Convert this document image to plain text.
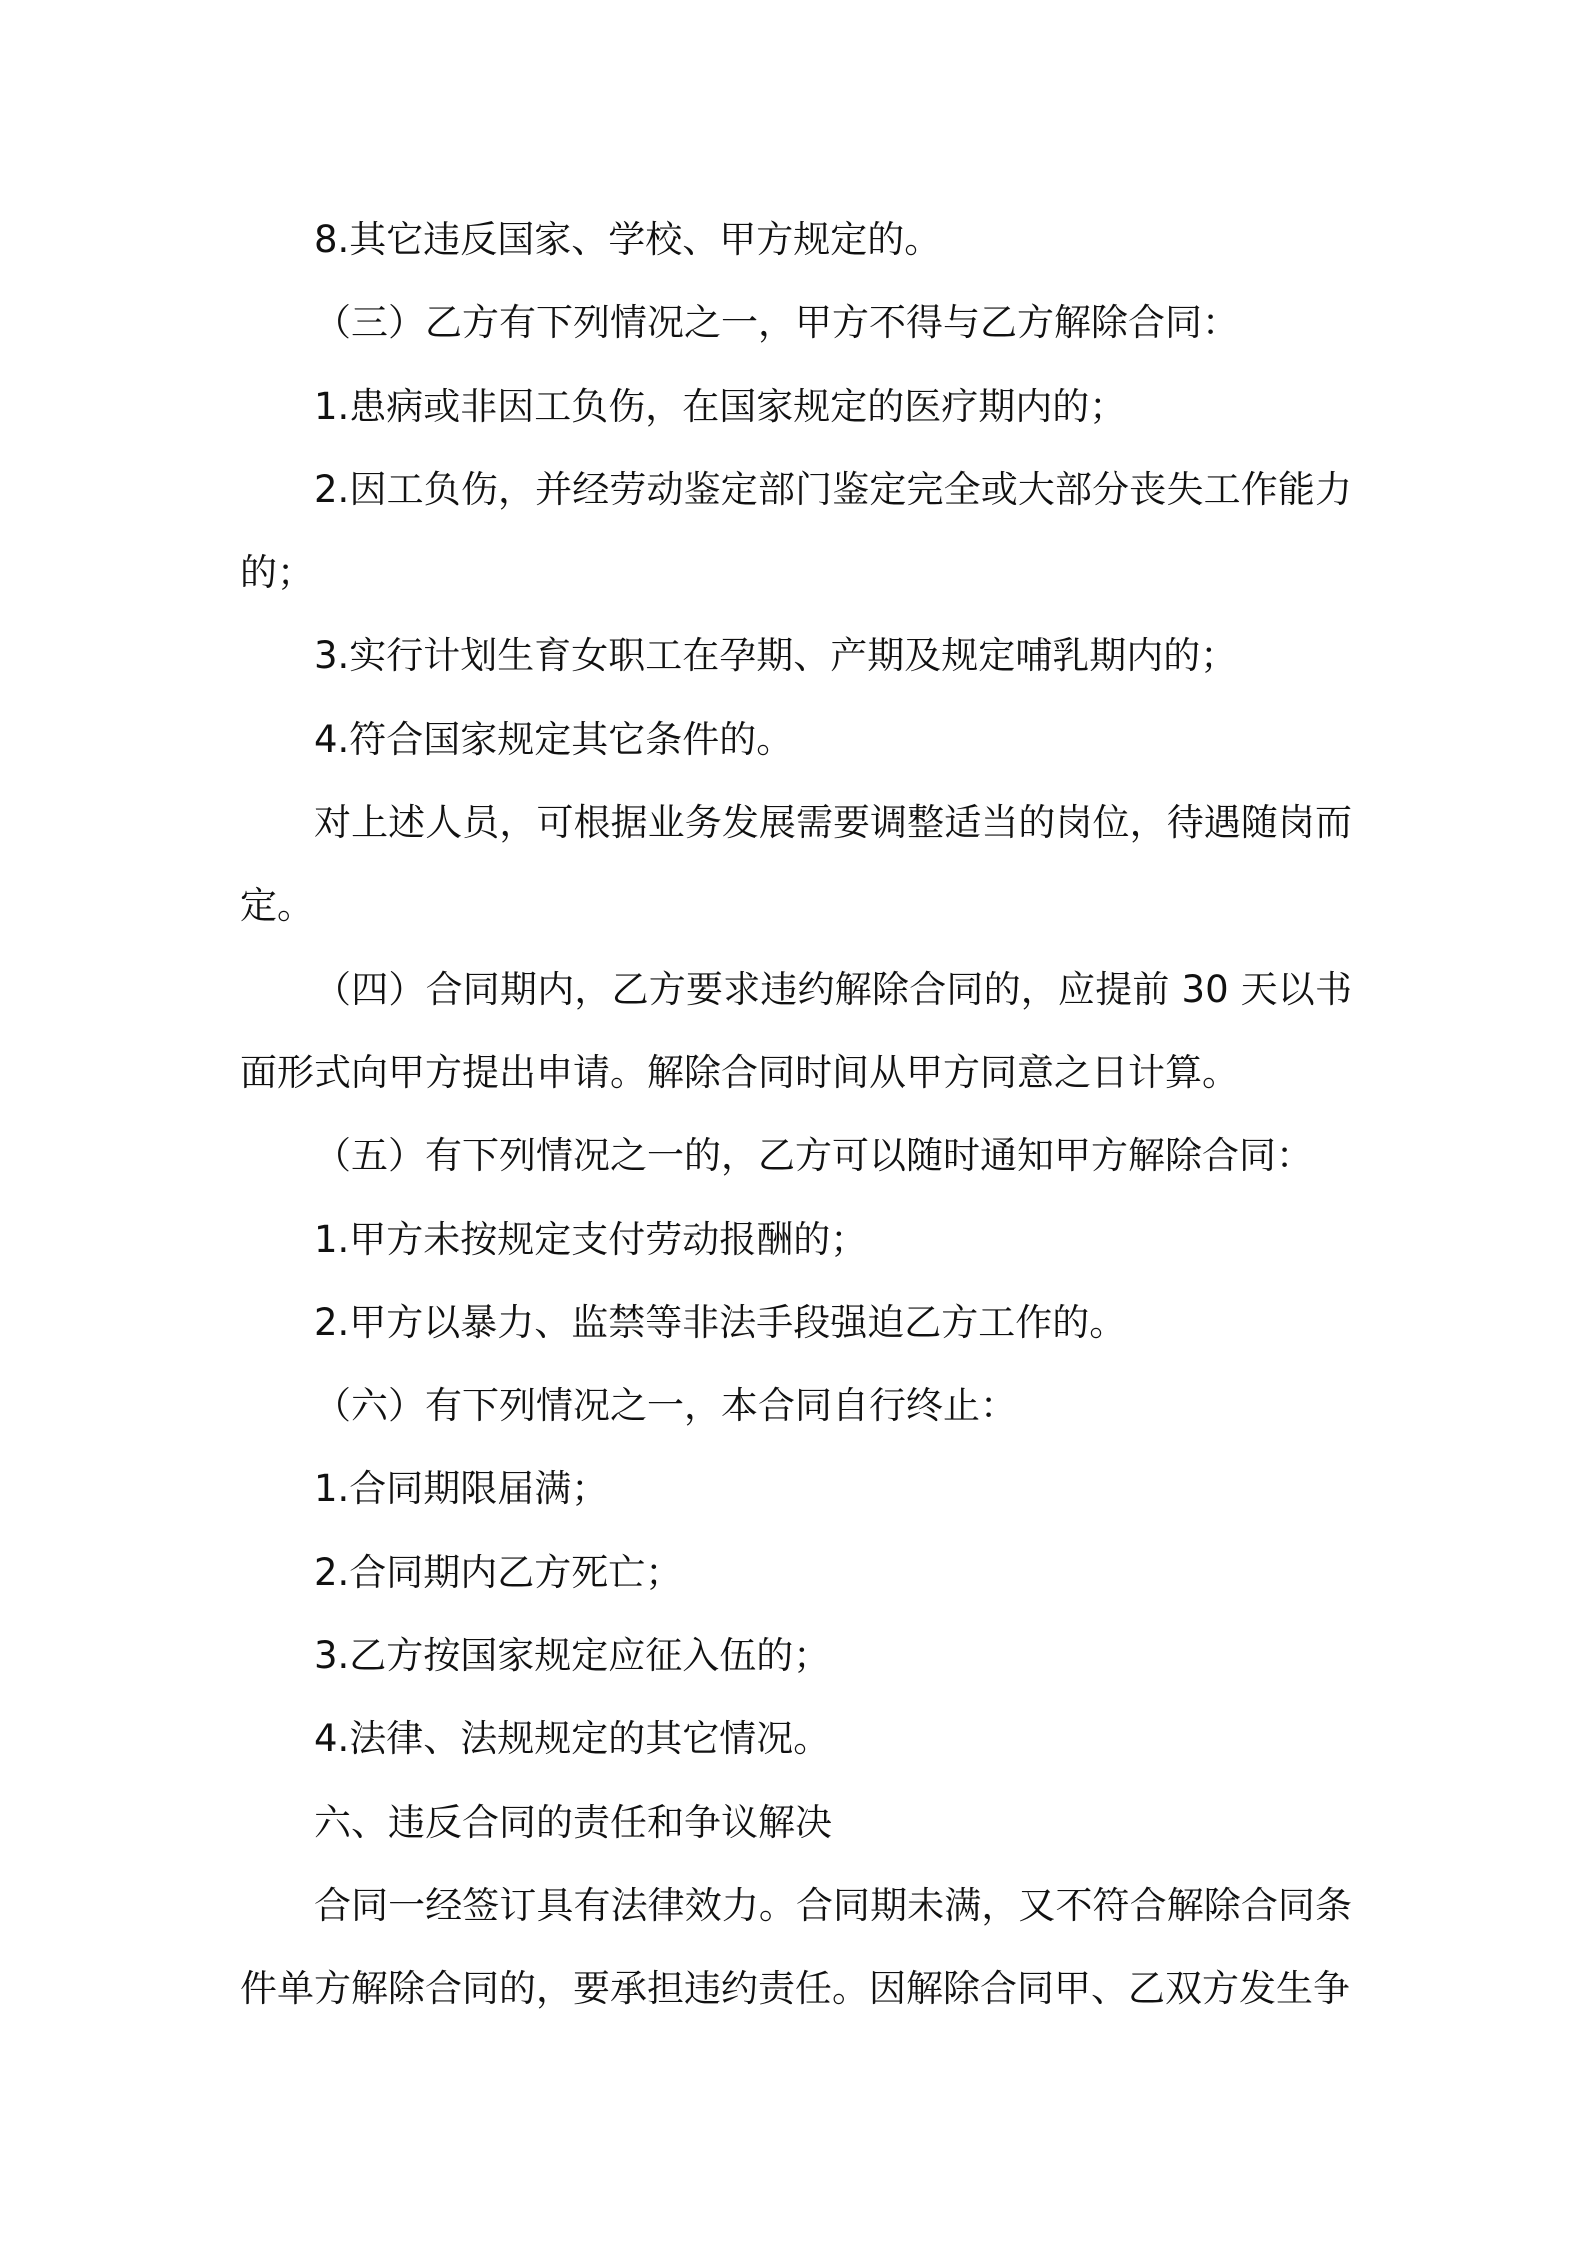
8.其它违反国家、学校、甲方规定的。

（三）乙方有下列情况之一，甲方不得与乙方解除合同：

1.患病或非因工负伤，在国家规定的医疗期内的；

2.因工负伤，并经劳动鉴定部门鉴定完全或大部分丧失工作能力的；

3.实行计划生育女职工在孕期、产期及规定哺乳期内的；

4.符合国家规定其它条件的。

对上述人员，可根据业务发展需要调整适当的岗位，待遇随岗而定。

（四）合同期内，乙方要求违约解除合同的，应提前 30 天以书面形式向甲方提出申请。解除合同时间从甲方同意之日计算。

（五）有下列情况之一的，乙方可以随时通知甲方解除合同：

1.甲方未按规定支付劳动报酬的；

2.甲方以暴力、监禁等非法手段强迫乙方工作的。

（六）有下列情况之一，本合同自行终止：

1.合同期限届满；

2.合同期内乙方死亡；

3.乙方按国家规定应征入伍的；

4.法律、法规规定的其它情况。

六、违反合同的责任和争议解决

合同一经签订具有法律效力。合同期未满，又不符合解除合同条件单方解除合同的，要承担违约责任。因解除合同甲、乙双方发生争
